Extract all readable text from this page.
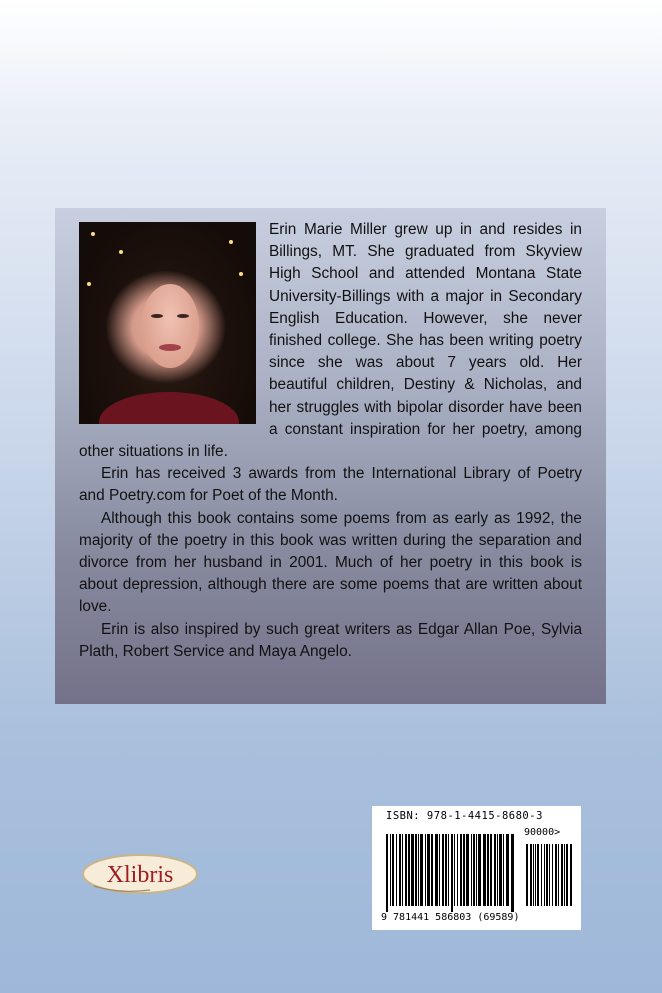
Erin Marie Miller grew up in and resides in Billings, MT. She graduated from Skyview High School and attended Montana State University-Billings with a major in Secondary English Education. However, she never finished college. She has been writing poetry since she was about 7 years old. Her beautiful children, Destiny & Nicholas, and her struggles with bipolar disorder have been a constant inspiration for her poetry, among other situations in life.

Erin has received 3 awards from the International Library of Poetry and Poetry.com for Poet of the Month.

Although this book contains some poems from as early as 1992, the majority of the poetry in this book was written during the separation and divorce from her husband in 2001. Much of her poetry in this book is about depression, although there are some poems that are written about love.

Erin is also inspired by such great writers as Edgar Allan Poe, Sylvia Plath, Robert Service and Maya Angelo.

Xlibris
ISBN: 978-1-4415-8680-3
90000>
9 781441 586803 (69589)
